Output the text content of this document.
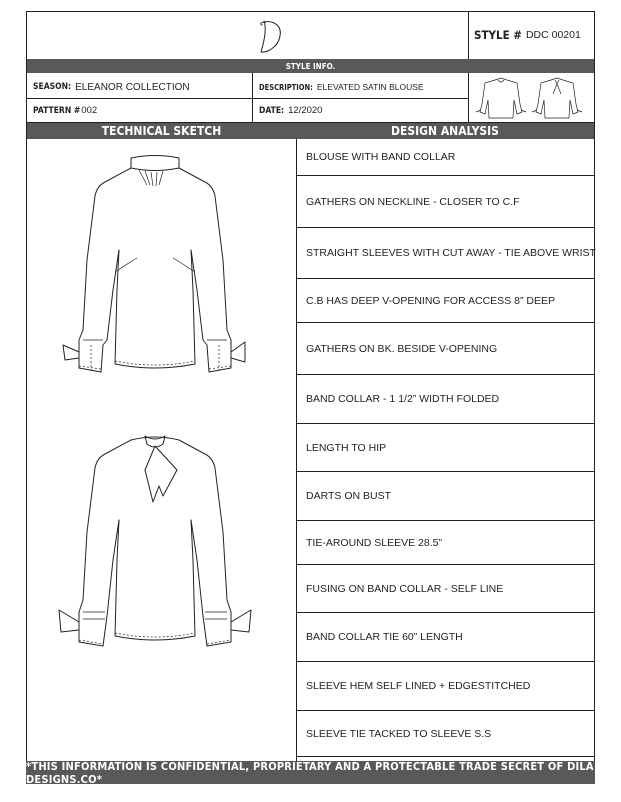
STYLE # DDC 00201
STYLE INFO.
SEASON: ELEANOR COLLECTION	DESCRIPTION: ELEVATED SATIN BLOUSE
PATTERN # 002	DATE: 12/2020
TECHNICAL SKETCH	DESIGN ANALYSIS
BLOUSE WITH BAND COLLAR
GATHERS ON NECKLINE - CLOSER TO C.F
STRAIGHT SLEEVES WITH CUT AWAY - TIE ABOVE WRIST
C.B HAS DEEP V-OPENING FOR ACCESS 8” DEEP
GATHERS ON BK. BESIDE V-OPENING
BAND COLLAR - 1 1/2” WIDTH FOLDED
LENGTH TO HIP
DARTS ON BUST
TIE-AROUND SLEEVE 28.5”
FUSING ON BAND COLLAR - SELF LINE
BAND COLLAR TIE 60” LENGTH
SLEEVE HEM SELF LINED + EDGESTITCHED
SLEEVE TIE TACKED TO SLEEVE S.S
*THIS INFORMATION IS CONFIDENTIAL, PROPRIETARY AND A PROTECTABLE TRADE SECRET OF DILA DESIGNS.CO*
